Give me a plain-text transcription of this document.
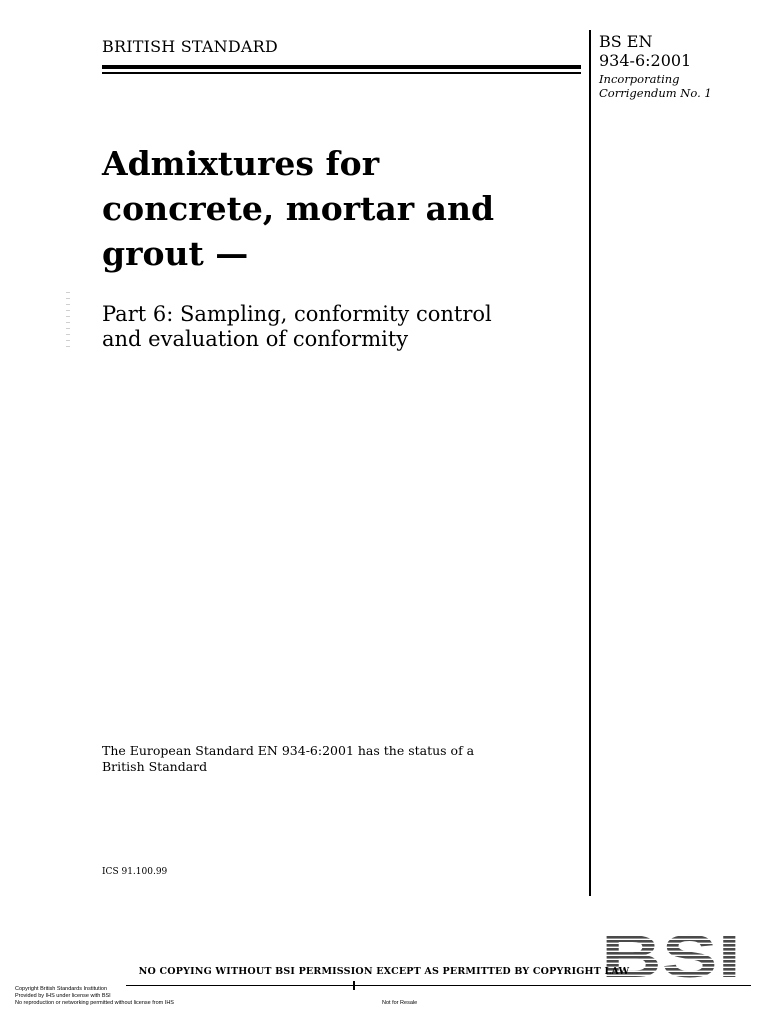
BRITISH STANDARD	BS EN
934-6:2001
Incorporating
Corrigendum No. 1
Admixtures for
concrete, mortar and
grout —
Part 6: Sampling, conformity control
and evaluation of conformity
The European Standard EN 934-6:2001 has the status of a
British Standard
ICS 91.100.99
BSI
NO COPYING WITHOUT BSI PERMISSION EXCEPT AS PERMITTED BY COPYRIGHT LAW
Copyright British Standards Institution
Provided by IHS under license with BSI
No reproduction or networking permitted without license from IHS	Not for Resale
